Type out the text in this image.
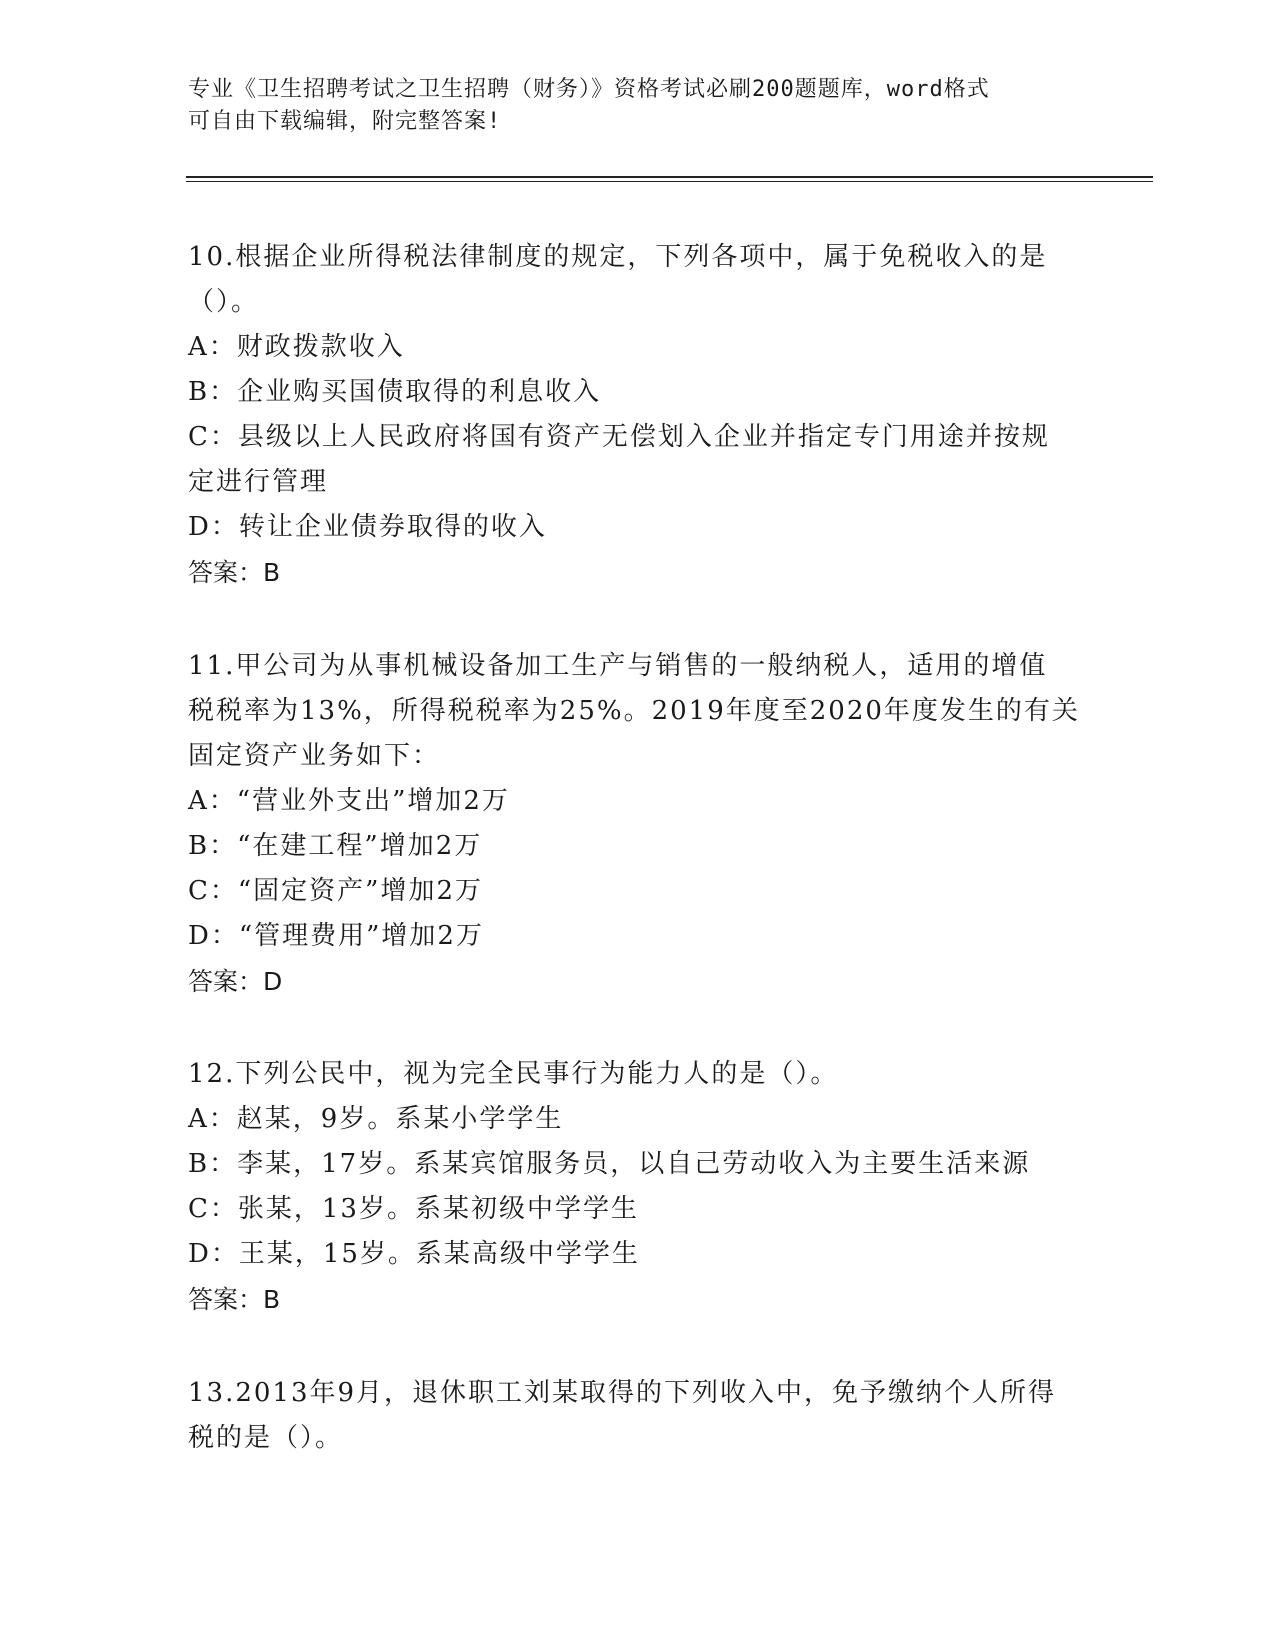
专业《卫生招聘考试之卫生招聘（财务）》资格考试必刷200题题库，word格式
可自由下载编辑，附完整答案!

10.根据企业所得税法律制度的规定，下列各项中，属于免税收入的是

（）。

A：财政拨款收入

B：企业购买国债取得的利息收入

C：县级以上人民政府将国有资产无偿划入企业并指定专门用途并按规

定进行管理

D：转让企业债券取得的收入

答案：B

11.甲公司为从事机械设备加工生产与销售的一般纳税人，适用的增值

税税率为13%，所得税税率为25%。2019年度至2020年度发生的有关

固定资产业务如下：

A：“营业外支出”增加2万

B：“在建工程”增加2万

C：“固定资产”增加2万

D：“管理费用”增加2万

答案：D

12.下列公民中，视为完全民事行为能力人的是（）。

A：赵某，9岁。系某小学学生

B：李某，17岁。系某宾馆服务员，以自己劳动收入为主要生活来源

C：张某，13岁。系某初级中学学生

D：王某，15岁。系某高级中学学生

答案：B

13.2013年9月，退休职工刘某取得的下列收入中，免予缴纳个人所得

税的是（）。
